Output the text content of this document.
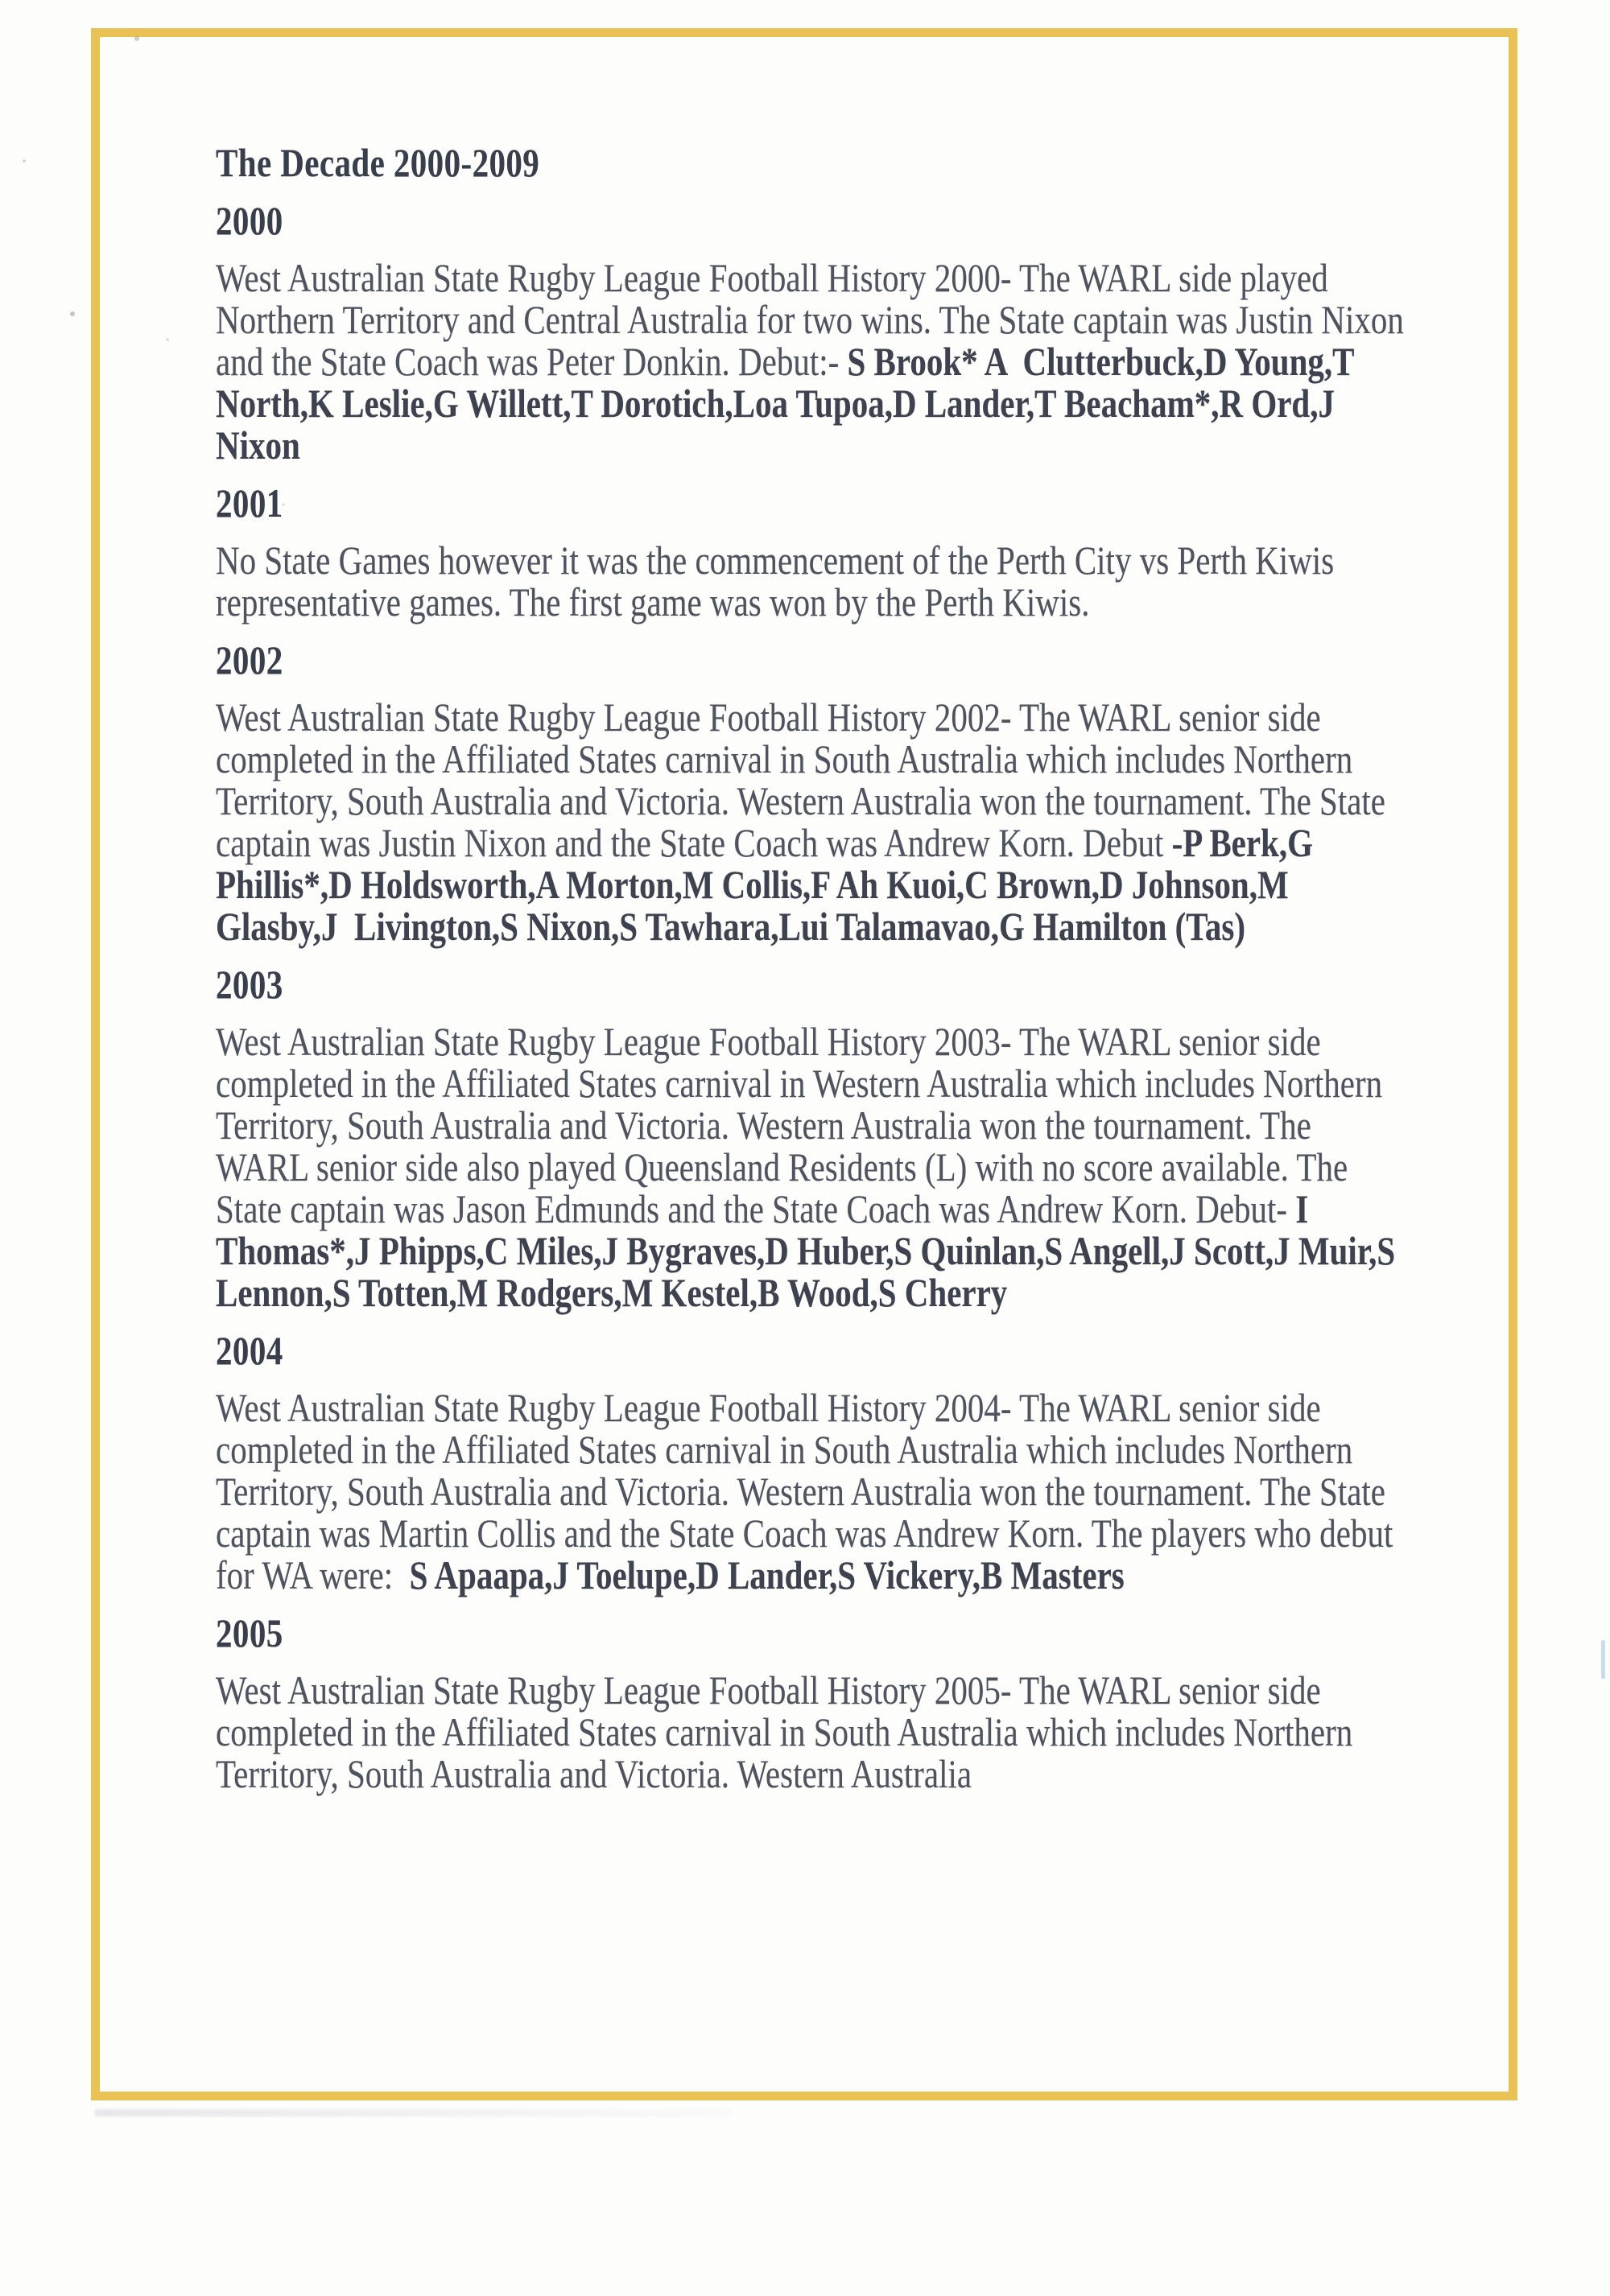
The Decade 2000-2009
2000

West Australian State Rugby League Football History 2000- The WARL side played Northern Territory and Central Australia for two wins. The State captain was Justin Nixon and the State Coach was Peter Donkin. Debut:- S Brook* A  Clutterbuck,D Young,T North,K Leslie,G Willett,T Dorotich,Loa Tupoa,D Lander,T Beacham*,R Ord,J Nixon

2001

No State Games however it was the commencement of the Perth City vs Perth Kiwis representative games. The first game was won by the Perth Kiwis.

2002

West Australian State Rugby League Football History 2002- The WARL senior side completed in the Affiliated States carnival in South Australia which includes Northern Territory, South Australia and Victoria. Western Australia won the tournament. The State captain was Justin Nixon and the State Coach was Andrew Korn. Debut -P Berk,G Phillis*,D Holdsworth,A Morton,M Collis,F Ah Kuoi,C Brown,D Johnson,M Glasby,J  Livington,S Nixon,S Tawhara,Lui Talamavao,G Hamilton (Tas)

2003

West Australian State Rugby League Football History 2003- The WARL senior side completed in the Affiliated States carnival in Western Australia which includes Northern Territory, South Australia and Victoria. Western Australia won the tournament. The WARL senior side also played Queensland Residents (L) with no score available. The State captain was Jason Edmunds and the State Coach was Andrew Korn. Debut- I Thomas*,J Phipps,C Miles,J Bygraves,D Huber,S Quinlan,S Angell,J Scott,J Muir,S Lennon,S Totten,M Rodgers,M Kestel,B Wood,S Cherry

2004

West Australian State Rugby League Football History 2004- The WARL senior side completed in the Affiliated States carnival in South Australia which includes Northern Territory, South Australia and Victoria. Western Australia won the tournament. The State captain was Martin Collis and the State Coach was Andrew Korn. The players who debut for WA were:  S Apaapa,J Toelupe,D Lander,S Vickery,B Masters

2005

West Australian State Rugby League Football History 2005- The WARL senior side completed in the Affiliated States carnival in South Australia which includes Northern Territory, South Australia and Victoria. Western Australia
